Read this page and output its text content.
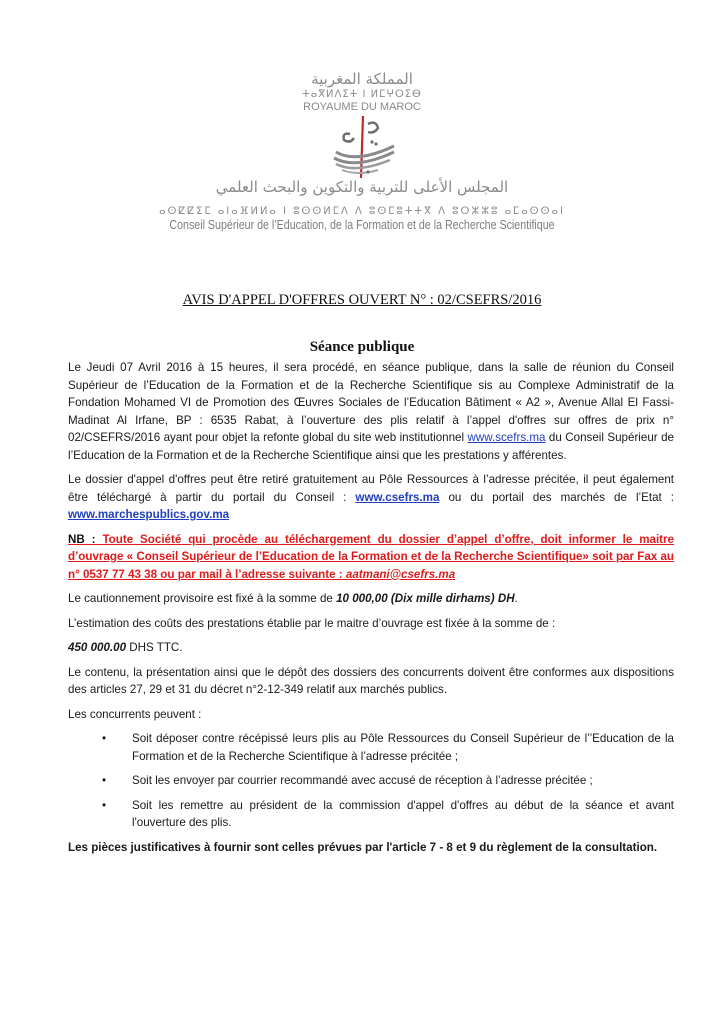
المملكة المغربية
ⵜⴰⴳⵍⴷⵉⵜ ⵏ ⵍⵎⵖⵔⵉⴱ
ROYAUME DU MAROC
المجلس الأعلى للتربية والتكوين والبحث العلمي
ⴰⵙⵇⵇⵉⵎ ⴰⵏⴰⴼⵍⵍⴰ ⵏ ⵓⵙⵙⵍⵎⴷ ⴷ ⵓⵙⵎⵓⵜⵜⴳ ⴷ ⵓⵔⵣⵣⵓ ⴰⵎⴰⵙⵙⴰⵏ
Conseil Supérieur de l’Education, de la Formation et de la Recherche Scientifique
AVIS D'APPEL D'OFFRES OUVERT N° : 02/CSEFRS/2016
Séance publique

Le Jeudi 07 Avril 2016 à 15 heures, il sera procédé, en séance publique, dans la salle de réunion du Conseil Supérieur de l’Education de la Formation et de la Recherche Scientifique sis au Complexe Administratif de la Fondation Mohamed VI de Promotion des Œuvres Sociales de l’Education Bâtiment « A2 », Avenue Allal El Fassi-Madinat Al Irfane, BP : 6535 Rabat, à l’ouverture des plis relatif à l’appel d'offres sur offres de prix n° 02/CSEFRS/2016 ayant pour objet la refonte global du site web institutionnel www.scefrs.ma du Conseil Supérieur de l’Education de la Formation et de la Recherche Scientifique ainsi que les prestations y afférentes.

Le dossier d'appel d'offres peut être retiré gratuitement au Pôle Ressources à l’adresse précitée, il peut également être téléchargé à partir du portail du Conseil : www.csefrs.ma ou du portail des marchés de l’Etat : www.marchespublics.gov.ma

NB : Toute Société qui procède au téléchargement du dossier d’appel d’offre, doit informer le maitre d’ouvrage « Conseil Supérieur de l’Education de la Formation et de la Recherche Scientifique» soit par Fax au n° 0537 77 43 38 ou par mail à l’adresse suivante : aatmani@csefrs.ma

Le cautionnement provisoire est fixé à la somme de 10 000,00 (Dix mille dirhams) DH.

L’estimation des coûts des prestations établie par le maitre d’ouvrage est fixée à la somme de :

450 000.00 DHS TTC.

Le contenu, la présentation ainsi que le dépôt des dossiers des concurrents doivent être conformes aux dispositions des articles 27, 29 et 31 du décret n°2-12-349 relatif aux marchés publics.

Les concurrents peuvent :

• Soit déposer contre récépissé leurs plis au Pôle Ressources du Conseil Supérieur de l’’Education de la Formation et de la Recherche Scientifique à l’adresse précitée ;
• Soit les envoyer par courrier recommandé avec accusé de réception à l’adresse précitée ;
• Soit les remettre au président de la commission d'appel d'offres au début de la séance et avant l'ouverture des plis.

Les pièces justificatives à fournir sont celles prévues par l'article 7 - 8 et 9 du règlement de la consultation.
